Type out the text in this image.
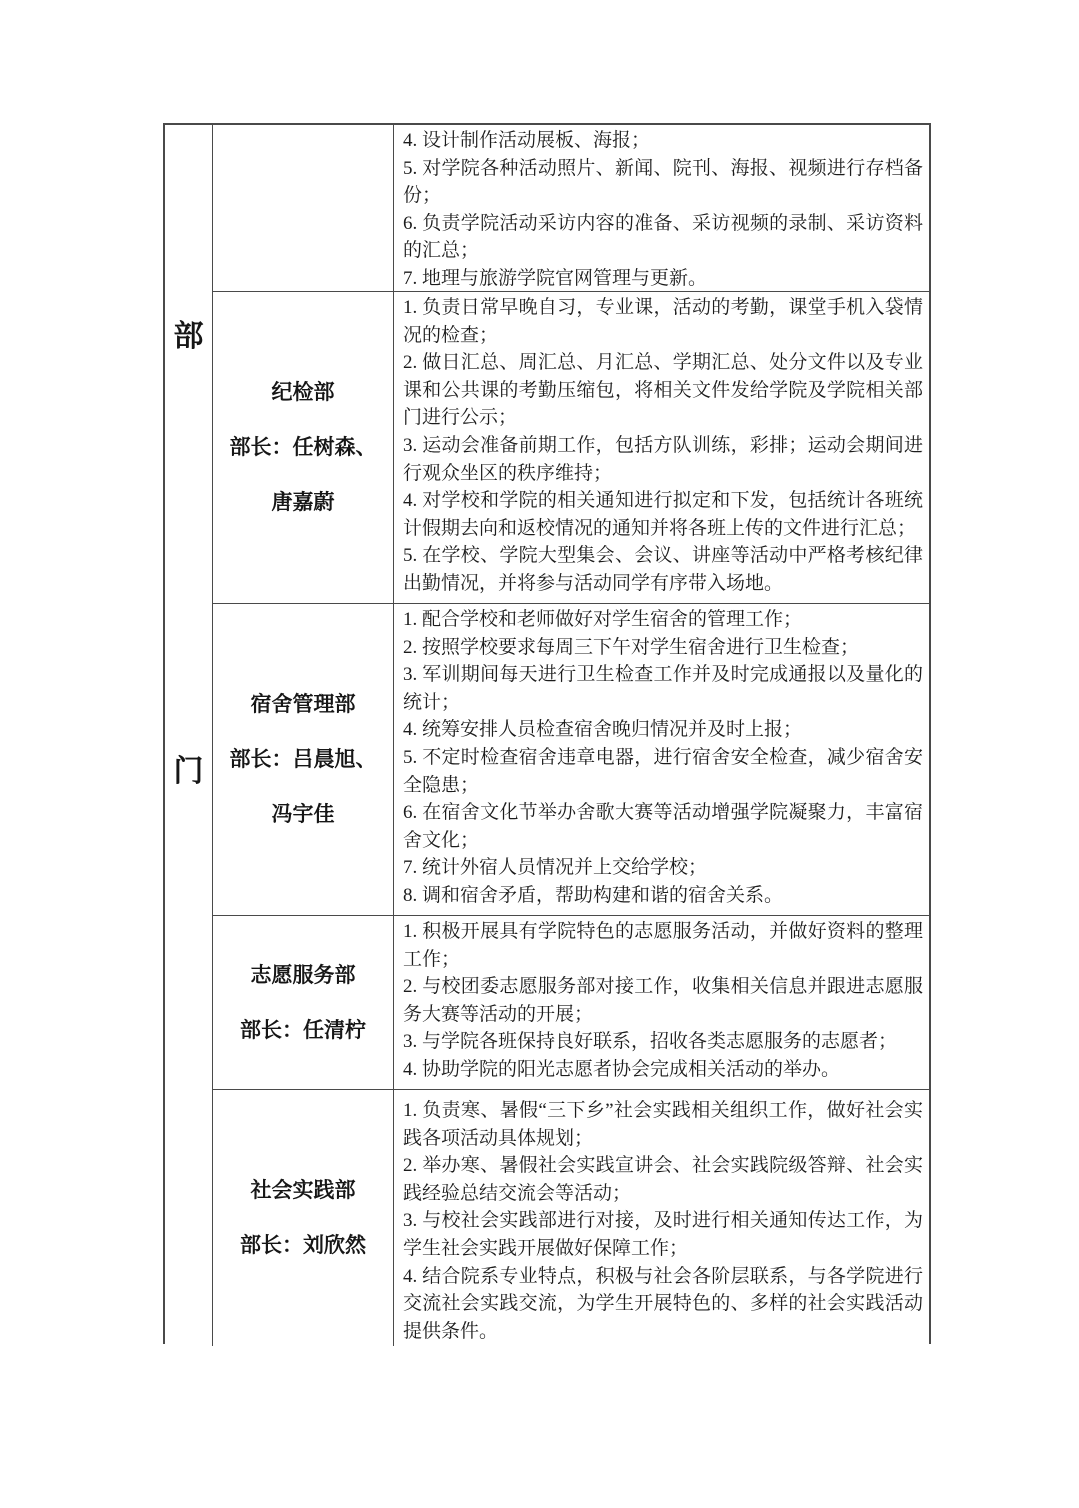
部
门

4. 设计制作活动展板、海报；

5. 对学院各种活动照片、新闻、院刊、海报、视频进行存档备份；

6. 负责学院活动采访内容的准备、采访视频的录制、采访资料的汇总；

7. 地理与旅游学院官网管理与更新。

纪检部

部长：任树森、

唐嘉蔚

1. 负责日常早晚自习，专业课，活动的考勤，课堂手机入袋情况的检查；

2. 做日汇总、周汇总、月汇总、学期汇总、处分文件以及专业课和公共课的考勤压缩包，将相关文件发给学院及学院相关部门进行公示；

3. 运动会准备前期工作，包括方队训练，彩排；运动会期间进行观众坐区的秩序维持；

4. 对学校和学院的相关通知进行拟定和下发，包括统计各班统计假期去向和返校情况的通知并将各班上传的文件进行汇总；

5. 在学校、学院大型集会、会议、讲座等活动中严格考核纪律出勤情况，并将参与活动同学有序带入场地。

宿舍管理部

部长：吕晨旭、

冯宇佳

1. 配合学校和老师做好对学生宿舍的管理工作；

2. 按照学校要求每周三下午对学生宿舍进行卫生检查；

3. 军训期间每天进行卫生检查工作并及时完成通报以及量化的统计；

4. 统筹安排人员检查宿舍晚归情况并及时上报；

5. 不定时检查宿舍违章电器，进行宿舍安全检查，减少宿舍安全隐患；

6. 在宿舍文化节举办舍歌大赛等活动增强学院凝聚力，丰富宿舍文化；

7. 统计外宿人员情况并上交给学校；

8. 调和宿舍矛盾，帮助构建和谐的宿舍关系。

志愿服务部

部长：任清柠

1. 积极开展具有学院特色的志愿服务活动，并做好资料的整理工作；

2. 与校团委志愿服务部对接工作，收集相关信息并跟进志愿服务大赛等活动的开展；

3. 与学院各班保持良好联系，招收各类志愿服务的志愿者；

4. 协助学院的阳光志愿者协会完成相关活动的举办。

社会实践部

部长：刘欣然

1. 负责寒、暑假“三下乡”社会实践相关组织工作，做好社会实践各项活动具体规划；

2. 举办寒、暑假社会实践宣讲会、社会实践院级答辩、社会实践经验总结交流会等活动；

3. 与校社会实践部进行对接，及时进行相关通知传达工作，为学生社会实践开展做好保障工作；

4. 结合院系专业特点，积极与社会各阶层联系，与各学院进行交流社会实践交流，为学生开展特色的、多样的社会实践活动提供条件。
